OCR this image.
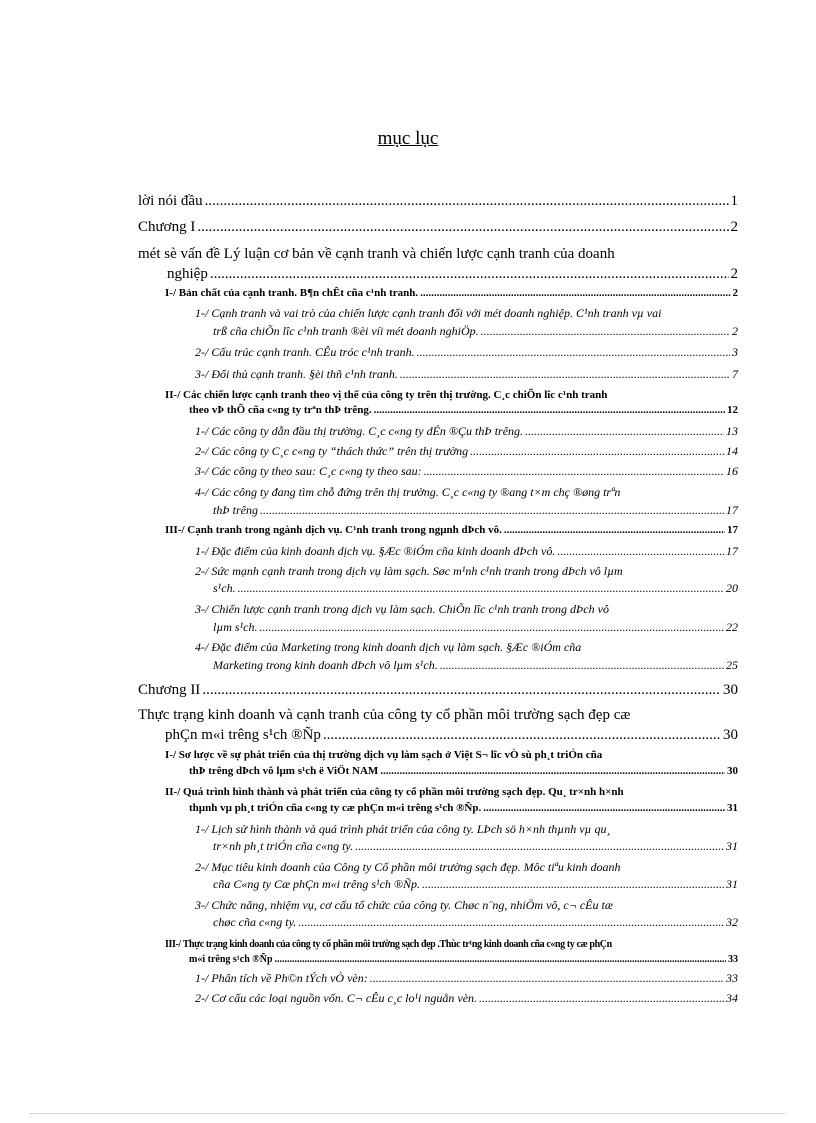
mục lục
lời nói đầu .....	1
Chương I .....	2
mét sè vấn đề Lý luận cơ bản về cạnh tranh và chiến lược cạnh tranh của doanh
nghiệp .....	2
I-/ Bản chất của cạnh tranh. B¶n chÊt cña c¹nh tranh. .....	2
1-/ Cạnh tranh và vai trò của chiến lược cạnh tranh đối với mét doanh nghiệp. C¹nh tranh vµ vai
trß cña chiÕn lîc c¹nh tranh ®èi víi mét doanh nghiÖp. .....	2
2-/ Cấu trúc cạnh tranh. CÊu tróc c¹nh tranh. .....	3
3-/ Đối thủ cạnh tranh. §èi thñ c¹nh tranh. .....	7
II-/ Các chiến lược cạnh tranh theo vị thế của công ty trên thị trường. C¸c chiÕn lîc c¹nh tranh
theo vÞ thÕ cña c«ng ty trªn thÞ trêng. .....	12
1-/ Các công ty dẫn đầu thị trường. C¸c c«ng ty dÉn ®Çu thÞ trêng. .....	13
2-/ Các công ty C¸c c«ng ty “thách thức” trên thị trường .....	14
3-/ Các công ty theo sau: C¸c c«ng ty theo sau: .....	16
4-/ Các công ty đang tìm chỗ đứng trên thị trường. C¸c c«ng ty ®ang t×m chç ®øng trªn
thÞ trêng .....	17
III-/ Cạnh tranh trong ngành dịch vụ. C¹nh tranh trong ngµnh dÞch vô. .....	17
1-/ Đặc điểm của kinh doanh dịch vụ. §Æc ®iÓm cña kinh doanh dÞch vô. .....	17
2-/ Sức mạnh cạnh tranh trong dịch vụ làm sạch. Søc m¹nh c¹nh tranh trong dÞch vô lµm
s¹ch. .....	20
3-/ Chiến lược cạnh tranh trong dịch vụ làm sạch. ChiÕn lîc c¹nh tranh trong dÞch vô
lµm s¹ch. .....	22
4-/ Đặc điểm của Marketing trong kinh doanh dịch vụ làm sạch. §Æc ®iÓm cña
Marketing trong kinh doanh dÞch vô lµm s¹ch. .....	25
Chương II .....	30
Thực trạng kinh doanh và cạnh tranh của công ty cổ phần môi trường sạch đẹp cæ
phÇn m«i trêng s¹ch ®Ñp .....	30
I-/ Sơ lược về sự phát triển của thị trường dịch vụ làm sạch ở Việt S¬ lîc vÒ sù ph¸t triÓn cña
thÞ trêng dÞch vô lµm s¹ch ë ViÖt NAM .....	30
II-/ Quá trình hình thành và phát triển của công ty cổ phần môi trường sạch đẹp. Qu¸ tr×nh h×nh
thµnh vµ ph¸t triÓn cña c«ng ty cæ phÇn m«i trêng s¹ch ®Ñp. .....	31
1-/ Lịch sử hình thành và quá trình phát triển của công ty. LÞch sö h×nh thµnh vµ qu¸
tr×nh ph¸t triÓn cña c«ng ty. .....	31
2-/ Mục tiêu kinh doanh của Công ty Cổ phần môi trường sạch đẹp. Môc tiªu kinh doanh
cña C«ng ty Cæ phÇn m«i trêng s¹ch ®Ñp. .....	31
3-/ Chức năng, nhiệm vụ, cơ cấu tổ chức của công ty. Chøc n¨ng, nhiÖm vô, c¬ cÊu tæ
chøc cña c«ng ty. .....	32
III-/ Thực trạng kinh doanh của công ty cổ phần môi trường sạch đẹp .Thùc tr¹ng kinh doanh cña c«ng ty cæ phÇn
m«i trêng s¹ch ®Ñp .....	33
1-/ Phân tích về Ph©n tÝch vÒ vèn: .....	33
2-/ Cơ cấu các loại nguồn vốn. C¬ cÊu c¸c lo¹i nguån vèn. .....	34
